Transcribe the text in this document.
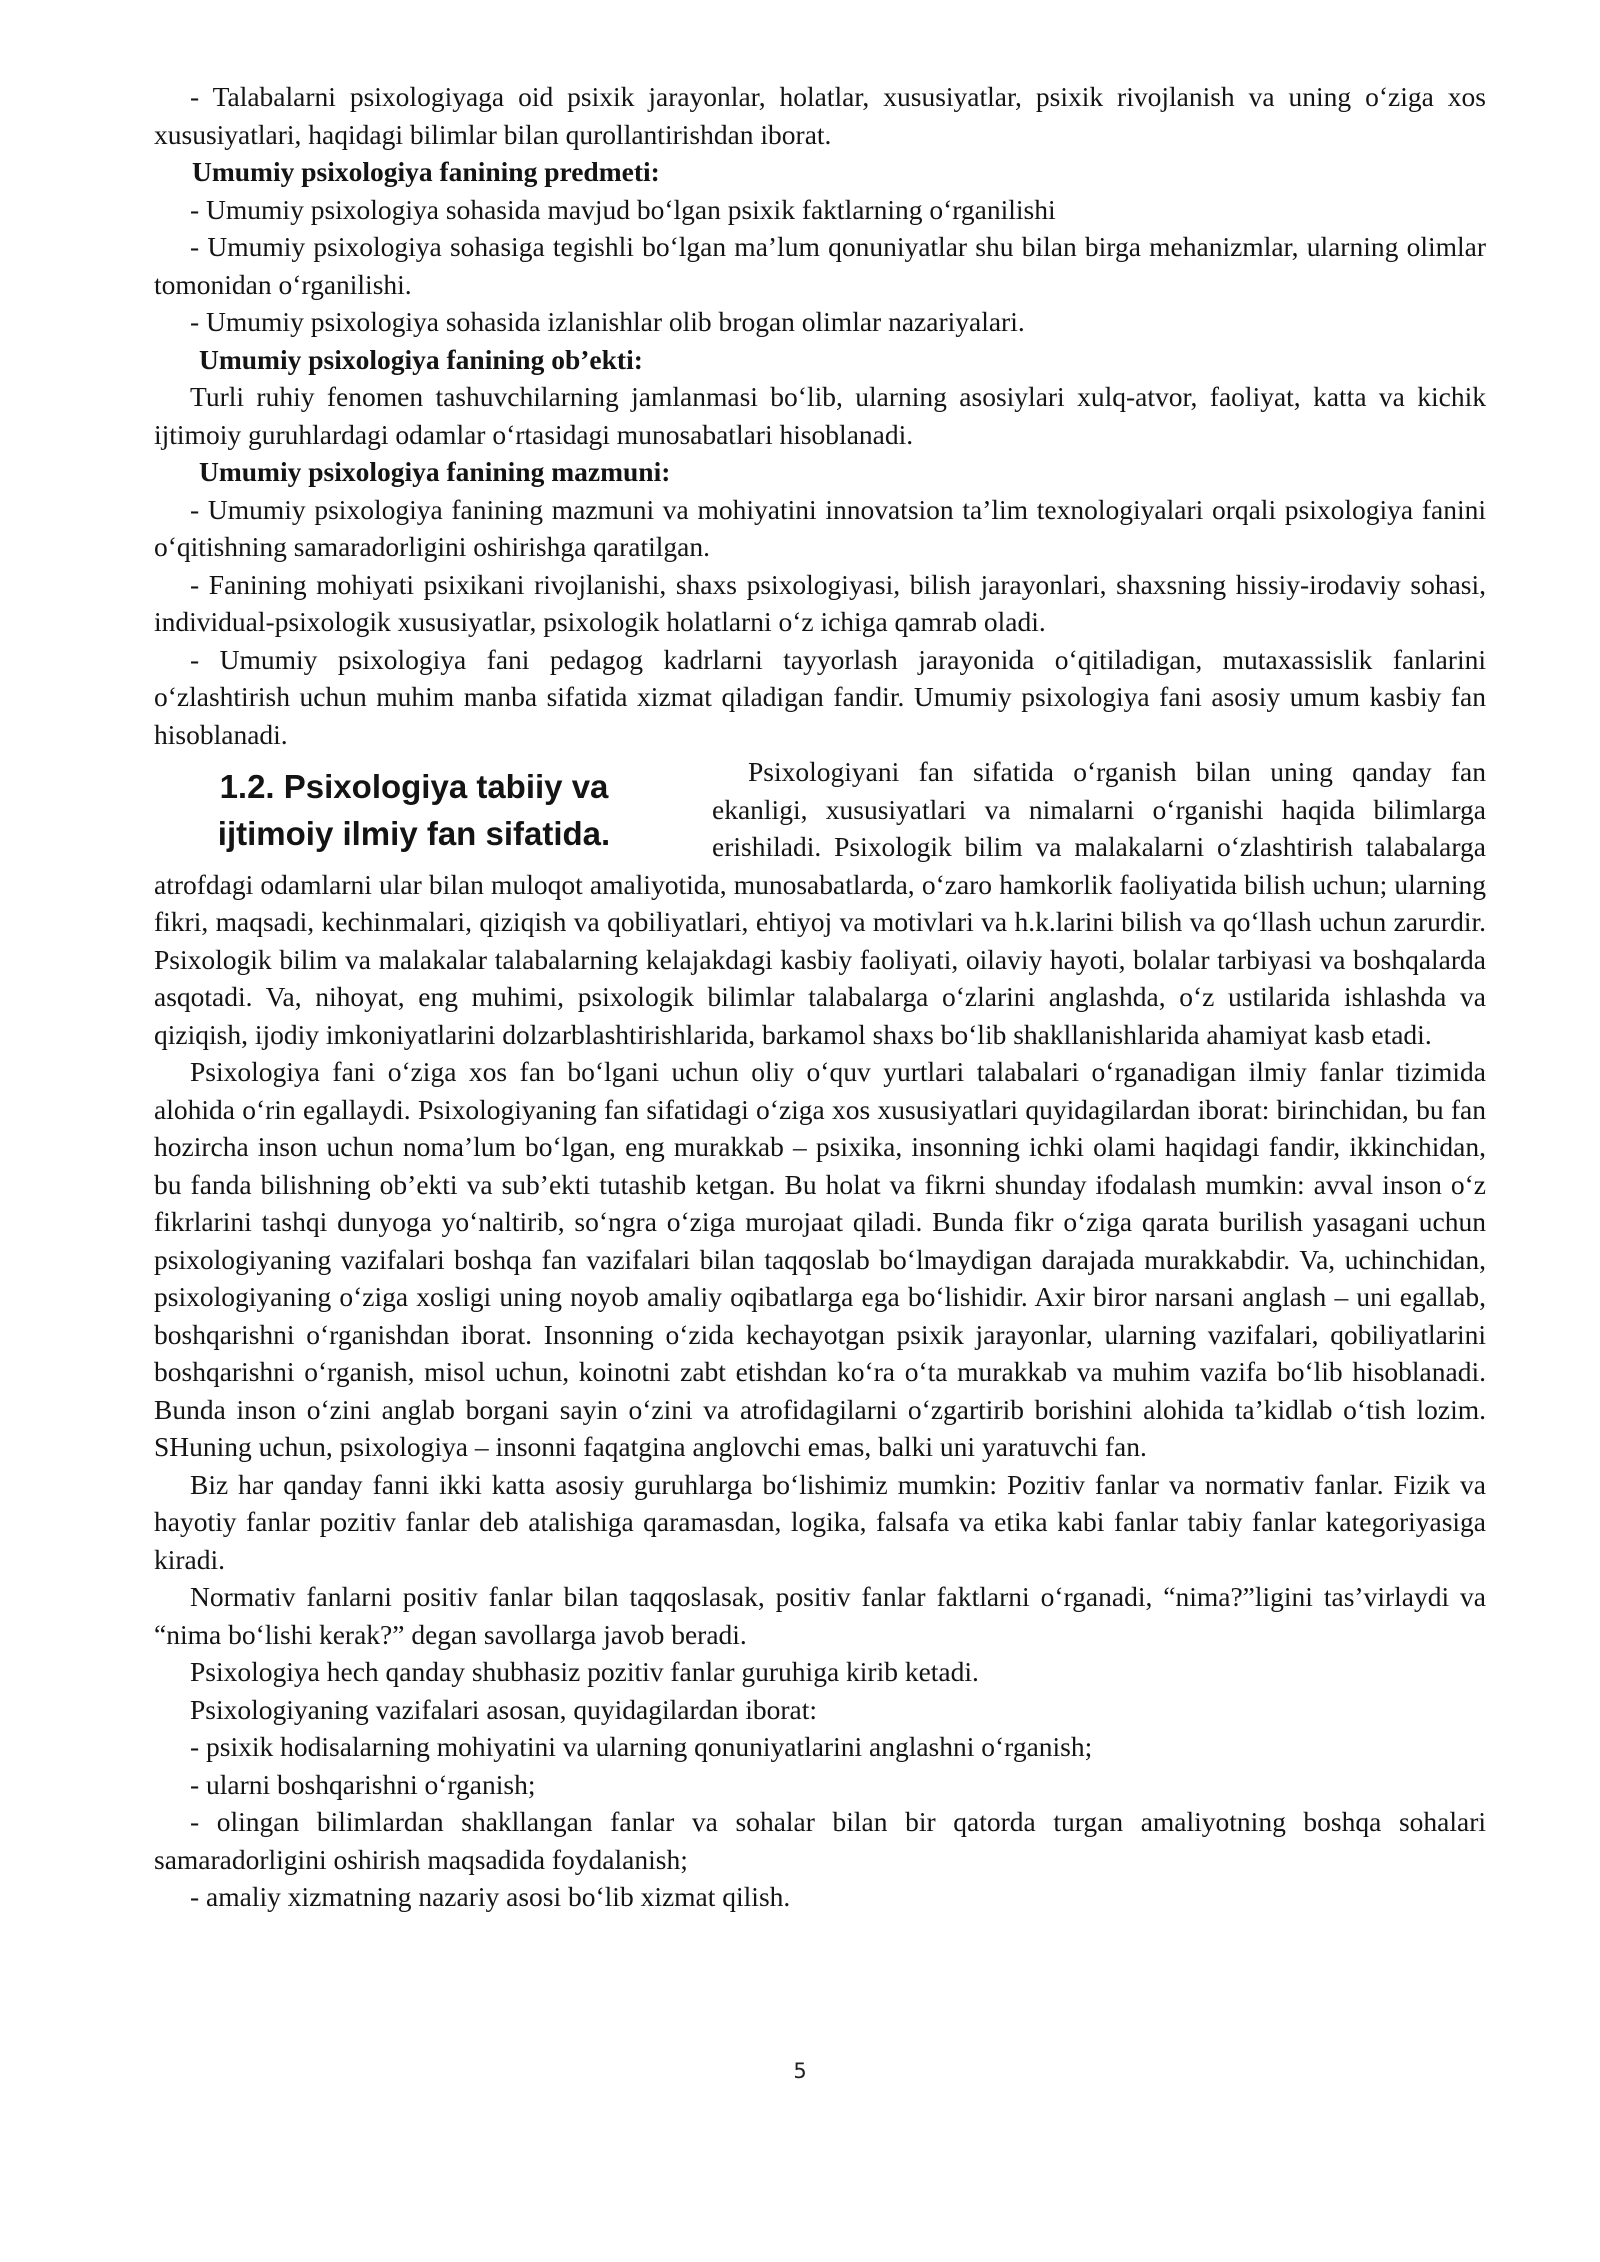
- Talabalarni psixologiyaga oid psixik jarayonlar, holatlar, xususiyatlar, psixik rivojlanish va uning o‘ziga xos xususiyatlari, haqidagi bilimlar bilan qurollantirishdan iborat.

Umumiy psixologiya fanining predmeti:

- Umumiy psixologiya sohasida mavjud bo‘lgan psixik faktlarning o‘rganilishi

- Umumiy psixologiya sohasiga tegishli bo‘lgan ma’lum qonuniyatlar shu bilan birga mehanizmlar, ularning olimlar tomonidan o‘rganilishi.

- Umumiy psixologiya sohasida izlanishlar olib brogan olimlar nazariyalari.

Umumiy psixologiya fanining ob’ekti:

Turli ruhiy fenomen tashuvchilarning jamlanmasi bo‘lib, ularning asosiylari xulq-atvor, faoliyat, katta va kichik ijtimoiy guruhlardagi odamlar o‘rtasidagi munosabatlari hisoblanadi.

Umumiy psixologiya fanining mazmuni:

- Umumiy psixologiya fanining mazmuni va mohiyatini innovatsion ta’lim texnologiyalari orqali psixologiya fanini o‘qitishning samaradorligini oshirishga qaratilgan.

- Fanining mohiyati psixikani rivojlanishi, shaxs psixologiyasi, bilish jarayonlari, shaxsning hissiy-irodaviy sohasi, individual-psixologik xususiyatlar, psixologik holatlarni o‘z ichiga qamrab oladi.

- Umumiy psixologiya fani pedagog kadrlarni tayyorlash jarayonida o‘qitiladigan, mutaxassislik fanlarini o‘zlashtirish uchun muhim manba sifatida xizmat qiladigan fandir. Umumiy psixologiya fani asosiy umum kasbiy fan hisoblanadi.

1.2. Psixologiya tabiiy va
ijtimoiy ilmiy fan sifatida.

Psixologiyani fan sifatida o‘rganish bilan uning qanday fan ekanligi, xususiyatlari va nimalarni o‘rganishi haqida bilimlarga erishiladi. Psixologik bilim va malakalarni o‘zlashtirish talabalarga atrofdagi odamlarni ular bilan muloqot amaliyotida, munosabatlarda, o‘zaro hamkorlik faoliyatida bilish uchun; ularning fikri, maqsadi, kechinmalari, qiziqish va qobiliyatlari, ehtiyoj va motivlari va h.k.larini bilish va qo‘llash uchun zarurdir. Psixologik bilim va malakalar talabalarning kelajakdagi kasbiy faoliyati, oilaviy hayoti, bolalar tarbiyasi va boshqalarda asqotadi. Va, nihoyat, eng muhimi, psixologik bilimlar talabalarga o‘zlarini anglashda, o‘z ustilarida ishlashda va qiziqish, ijodiy imkoniyatlarini dolzarblashtirishlarida, barkamol shaxs bo‘lib shakllanishlarida ahamiyat kasb etadi.

Psixologiya fani o‘ziga xos fan bo‘lgani uchun oliy o‘quv yurtlari talabalari o‘rganadigan ilmiy fanlar tizimida alohida o‘rin egallaydi. Psixologiyaning fan sifatidagi o‘ziga xos xususiyatlari quyidagilardan iborat: birinchidan, bu fan hozircha inson uchun noma’lum bo‘lgan, eng murakkab – psixika, insonning ichki olami haqidagi fandir, ikkinchidan, bu fanda bilishning ob’ekti va sub’ekti tutashib ketgan. Bu holat va fikrni shunday ifodalash mumkin: avval inson o‘z fikrlarini tashqi dunyoga yo‘naltirib, so‘ngra o‘ziga murojaat qiladi. Bunda fikr o‘ziga qarata burilish yasagani uchun psixologiyaning vazifalari boshqa fan vazifalari bilan taqqoslab bo‘lmaydigan darajada murakkabdir. Va, uchinchidan, psixologiyaning o‘ziga xosligi uning noyob amaliy oqibatlarga ega bo‘lishidir. Axir biror narsani anglash – uni egallab, boshqarishni o‘rganishdan iborat. Insonning o‘zida kechayotgan psixik jarayonlar, ularning vazifalari, qobiliyatlarini boshqarishni o‘rganish, misol uchun, koinotni zabt etishdan ko‘ra o‘ta murakkab va muhim vazifa bo‘lib hisoblanadi. Bunda inson o‘zini anglab borgani sayin o‘zini va atrofidagilarni o‘zgartirib borishini alohida ta’kidlab o‘tish lozim. SHuning uchun, psixologiya – insonni faqatgina anglovchi emas, balki uni yaratuvchi fan.

Biz har qanday fanni ikki katta asosiy guruhlarga bo‘lishimiz mumkin: Pozitiv fanlar va normativ fanlar. Fizik va hayotiy fanlar pozitiv fanlar deb atalishiga qaramasdan, logika, falsafa va etika kabi fanlar tabiy fanlar kategoriyasiga kiradi.

Normativ fanlarni positiv fanlar bilan taqqoslasak, positiv fanlar faktlarni o‘rganadi, “nima?”ligini tas’virlaydi va “nima bo‘lishi kerak?” degan savollarga javob beradi.

Psixologiya hech qanday shubhasiz pozitiv fanlar guruhiga kirib ketadi.

Psixologiyaning vazifalari asosan, quyidagilardan iborat:

- psixik hodisalarning mohiyatini va ularning qonuniyatlarini anglashni o‘rganish;

- ularni boshqarishni o‘rganish;

- olingan bilimlardan shakllangan fanlar va sohalar bilan bir qatorda turgan amaliyotning boshqa sohalari samaradorligini oshirish maqsadida foydalanish;

- amaliy xizmatning nazariy asosi bo‘lib xizmat qilish.

5
